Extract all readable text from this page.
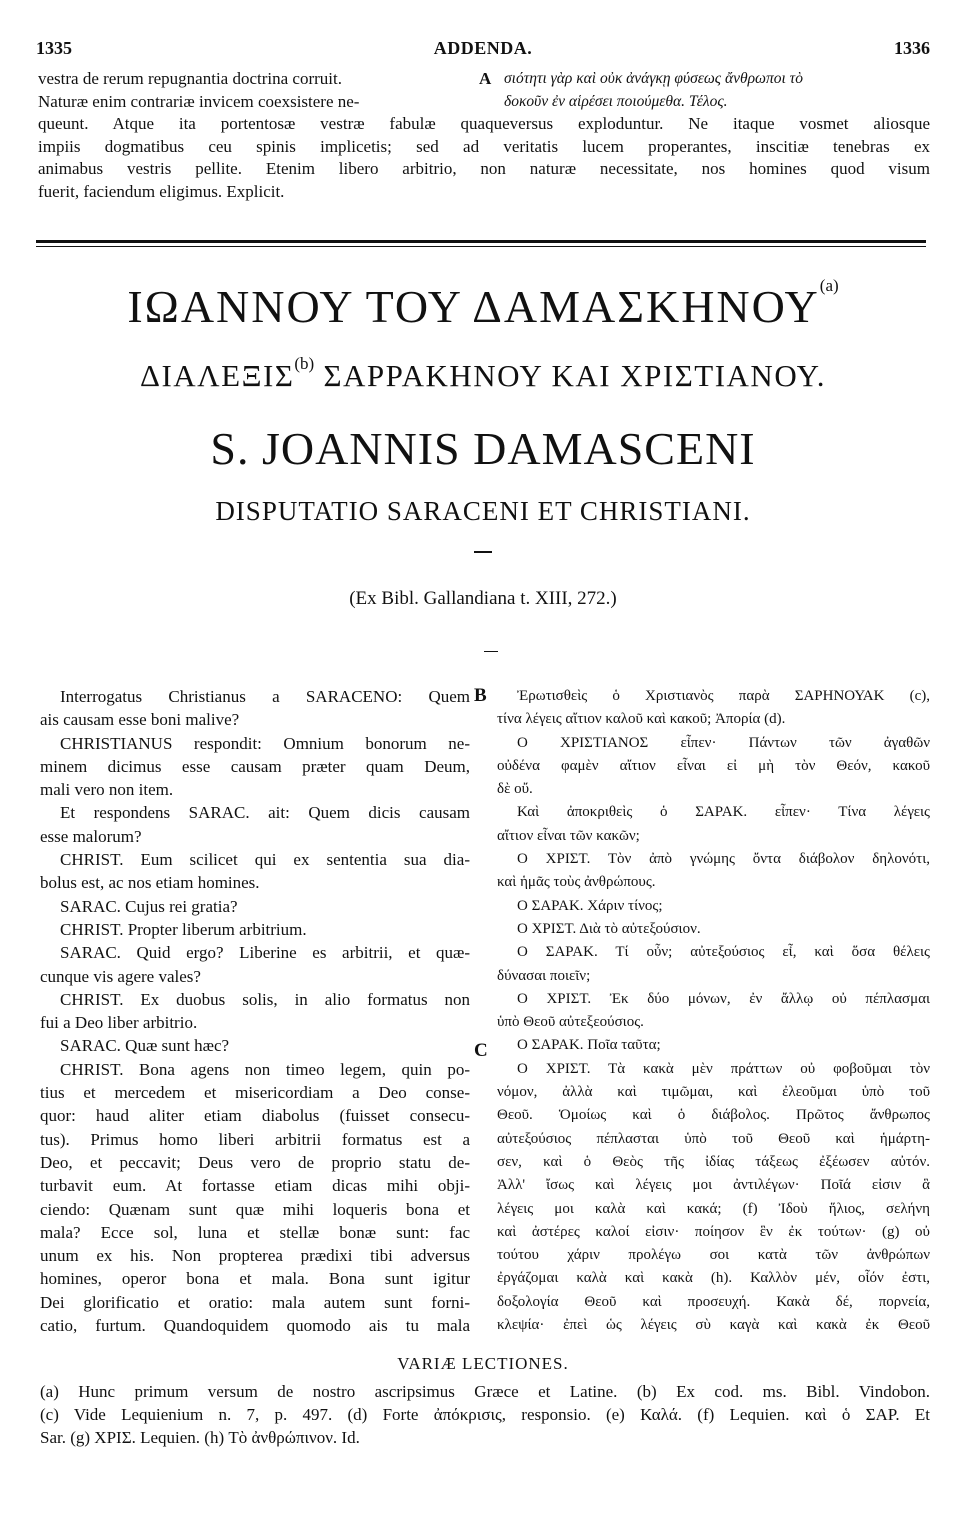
1335	ADDENDA.	1336
vestra de rerum repugnantia doctrina corruit.	A σιότητι γὰρ καὶ οὐκ ἀνάγκῃ φύσεως ἄνθρωποι τὸ
Naturæ enim contrariæ invicem coexsistere ne-	δοκοῦν ἐν αἱρέσει ποιούμεθα. Τέλος.
queunt. Atque ita portentosæ vestræ fabulæ quaqueversus exploduntur. Ne itaque vosmet aliosque
impiis dogmatibus ceu spinis implicetis; sed ad veritatis lucem properantes, inscitiæ tenebras ex
animabus vestris pellite. Etenim libero arbitrio, non naturæ necessitate, nos homines quod visum
fuerit, faciendum eligimus. Explicit.
ΙΩΑΝΝΟΥ ΤΟΥ ΔΑΜΑΣΚΗΝΟΥ$^{(a)}$
ΔΙΑΛΕΞΙΣ$^{(b)}$ ΣΑΡΡΑΚΗΝΟΥ ΚΑΙ ΧΡΙΣΤΙΑΝΟΥ.
S. JOANNIS DAMASCENI
DISPUTATIO SARACENI ET CHRISTIANI.
(Ex Bibl. Gallandiana t. XIII, 272.)
B
C
Interrogatus Christianus a SARACENO: Quem
ais causam esse boni malive?
CHRISTIANUS respondit: Omnium bonorum ne-
minem dicimus esse causam præter quam Deum,
mali vero non item.
Et respondens SARAC. ait: Quem dicis causam
esse malorum?
CHRIST. Eum scilicet qui ex sententia sua dia-
bolus est, ac nos etiam homines.
SARAC. Cujus rei gratia?
CHRIST. Propter liberum arbitrium.
SARAC. Quid ergo? Liberine es arbitrii, et quæ-
cunque vis agere vales?
CHRIST. Ex duobus solis, in alio formatus non
fui a Deo liber arbitrio.
SARAC. Quæ sunt hæc?
CHRIST. Bona agens non timeo legem, quin po-
tius et mercedem et misericordiam a Deo conse-
quor: haud aliter etiam diabolus (fuisset consecu-
tus). Primus homo liberi arbitrii formatus est a
Deo, et peccavit; Deus vero de proprio statu de-
turbavit eum. At fortasse etiam dicas mihi obji-
ciendo: Quænam sunt quæ mihi loqueris bona et
mala? Ecce sol, luna et stellæ bonæ sunt: fac
unum ex his. Non propterea prædixi tibi adversus
homines, operor bona et mala. Bona sunt igitur
Dei glorificatio et oratio: mala autem sunt forni-
catio, furtum. Quandoquidem quomodo ais tu mala
Ἐρωτισθεὶς ὁ Χριστιανὸς παρὰ ΣΑΡΗΝΟΥΑΚ (c),
τίνα λέγεις αἴτιον καλοῦ καὶ κακοῦ; Ἀπορία (d).
Ο ΧΡΙΣΤΙΑΝΟΣ εἶπεν· Πάντων τῶν ἀγαθῶν
οὐδένα φαμὲν αἴτιον εἶναι εἰ μὴ τὸν Θεόν, κακοῦ
δὲ οὔ.
Καὶ ἀποκριθεὶς ὁ ΣΑΡΑΚ. εἶπεν· Τίνα λέγεις
αἴτιον εἶναι τῶν κακῶν;
Ο ΧΡΙΣΤ. Τὸν ἀπὸ γνώμης ὄντα διάβολον δηλονότι,
καὶ ἡμᾶς τοὺς ἀνθρώπους.
Ο ΣΑΡΑΚ. Χάριν τίνος;
Ο ΧΡΙΣΤ. Διὰ τὸ αὐτεξούσιον.
Ο ΣΑΡΑΚ. Τί οὖν; αὐτεξούσιος εἶ, καὶ ὅσα θέλεις
δύνασαι ποιεῖν;
Ο ΧΡΙΣΤ. Ἐκ δύο μόνων, ἐν ἄλλῳ οὐ πέπλασμαι
ὑπὸ Θεοῦ αὐτεξεούσιος.
Ο ΣΑΡΑΚ. Ποῖα ταῦτα;
Ο ΧΡΙΣΤ. Τὰ κακὰ μὲν πράττων οὐ φοβοῦμαι τὸν
νόμον, ἀλλὰ καὶ τιμῶμαι, καὶ ἐλεοῦμαι ὑπὸ τοῦ
Θεοῦ. Ὁμοίως καὶ ὁ διάβολος. Πρῶτος ἄνθρωπος
αὐτεξούσιος πέπλασται ὑπὸ τοῦ Θεοῦ καὶ ἡμάρτη-
σεν, καὶ ὁ Θεὸς τῆς ἰδίας τάξεως ἐξέωσεν αὐτόν.
Ἀλλ' ἴσως καὶ λέγεις μοι ἀντιλέγων· Ποῖά εἰσιν ἃ
λέγεις μοι καλὰ καὶ κακά; (f) Ἰδοὺ ἥλιος, σελήνη
καὶ ἀστέρες καλοί εἰσιν· ποίησον ἓν ἐκ τούτων· (g) οὐ
τούτου χάριν προλέγω σοι κατὰ τῶν ἀνθρώπων
ἐργάζομαι καλὰ καὶ κακὰ (h). Καλλὸν μέν, οἷόν ἐστι,
δοξολογία Θεοῦ καὶ προσευχή. Κακὰ δέ, πορνεία,
κλεψία· ἐπεὶ ὡς λέγεις σὺ καγὰ καὶ κακὰ ἐκ Θεοῦ
VARIÆ LECTIONES.
(a) Hunc primum versum de nostro ascripsimus Græce et Latine. (b) Ex cod. ms. Bibl. Vindobon.
(c) Vide Lequienium n. 7, p. 497. (d) Forte ἀπόκρισις, responsio. (e) Καλά. (f) Lequien. καὶ ὁ ΣΑΡ. Et
Sar. (g) ΧΡΙΣ. Lequien. (h) Τὸ ἀνθρώπινον. Id.
